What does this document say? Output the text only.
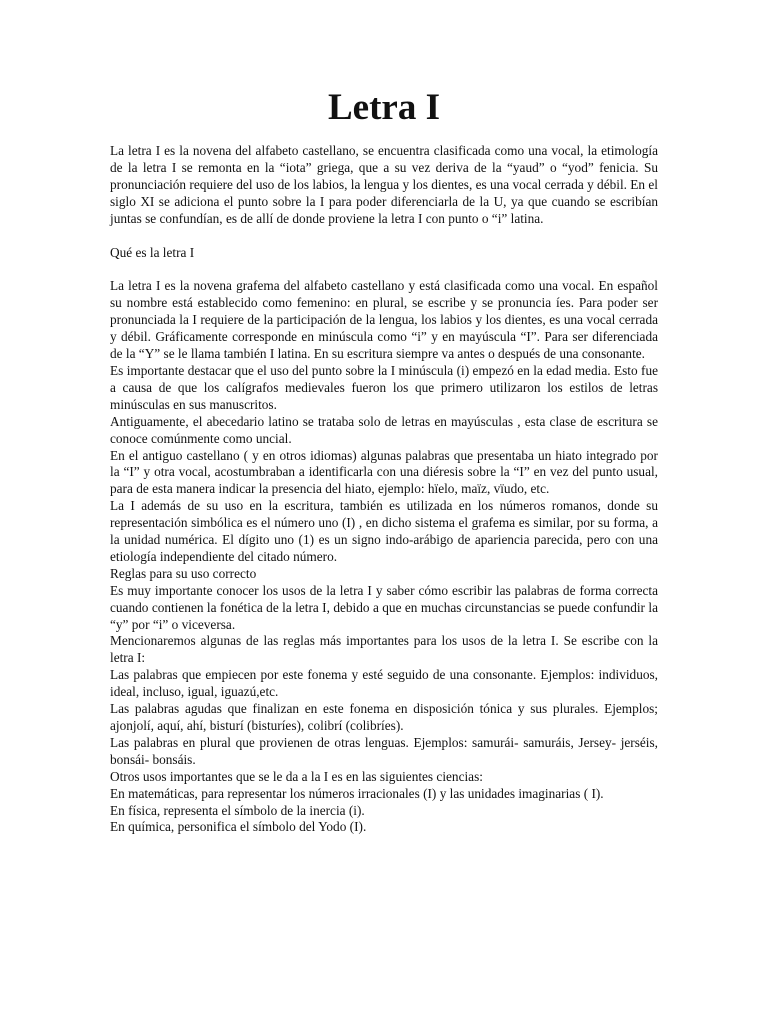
Letra I

La letra I es la novena del alfabeto castellano, se encuentra clasificada como una vocal, la etimología de la letra I se remonta en la “iota” griega, que a su vez deriva de la “yaud” o “yod” fenicia. Su pronunciación requiere del uso de los labios, la lengua y los dientes, es una vocal cerrada y débil. En el siglo XI se adiciona el punto sobre la I para poder diferenciarla de la U, ya que cuando se escribían juntas se confundían, es de allí de donde proviene la letra I con punto o “i” latina.

Qué es la letra I

La letra I es la novena grafema del alfabeto castellano y está clasificada como una vocal. En español su nombre está establecido como femenino: en plural, se escribe y se pronuncia íes. Para poder ser pronunciada la I requiere de la participación de la lengua, los labios y los dientes, es una vocal cerrada y débil. Gráficamente corresponde en minúscula como “i” y en mayúscula “I”. Para ser diferenciada de la “Y” se le llama también I latina. En su escritura siempre va antes o después de una consonante.

Es importante destacar que el uso del punto sobre la I minúscula (i) empezó en la edad media. Esto fue a causa de que los calígrafos medievales fueron los que primero utilizaron los estilos de letras minúsculas en sus manuscritos.

Antiguamente, el abecedario latino se trataba solo de letras en mayúsculas , esta clase de escritura se conoce comúnmente como uncial.

En el antiguo castellano ( y en otros idiomas) algunas palabras que presentaba un hiato integrado por la “I” y otra vocal, acostumbraban a identificarla con una diéresis sobre la “I” en vez del punto usual, para de esta manera indicar la presencia del hiato, ejemplo: hïelo, maïz, vïudo, etc.

La I además de su uso en la escritura, también es utilizada en los números romanos, donde su representación simbólica es el número uno (I) , en dicho sistema el grafema es similar, por su forma, a la unidad numérica. El dígito uno (1) es un signo indo-arábigo de apariencia parecida, pero con una etiología independiente del citado número.

Reglas para su uso correcto

Es muy importante conocer los usos de la letra I y saber cómo escribir las palabras de forma correcta cuando contienen la fonética de la letra I, debido a que en muchas circunstancias se puede confundir la “y” por “i” o viceversa.

Mencionaremos algunas de las reglas más importantes para los usos de la letra I. Se escribe con la letra I:

Las palabras que empiecen por este fonema y esté seguido de una consonante. Ejemplos: individuos, ideal, incluso, igual, iguazú,etc.

Las palabras agudas que finalizan en este fonema en disposición tónica y sus plurales. Ejemplos; ajonjolí, aquí, ahí, bisturí (bisturíes), colibrí (colibríes).

Las palabras en plural que provienen de otras lenguas. Ejemplos: samurái- samuráis, Jersey- jerséis, bonsái- bonsáis.

Otros usos importantes que se le da a la I es en las siguientes ciencias:

En matemáticas, para representar los números irracionales (I) y las unidades imaginarias ( I).

En física, representa el símbolo de la inercia (i).

En química, personifica el símbolo del Yodo (I).
